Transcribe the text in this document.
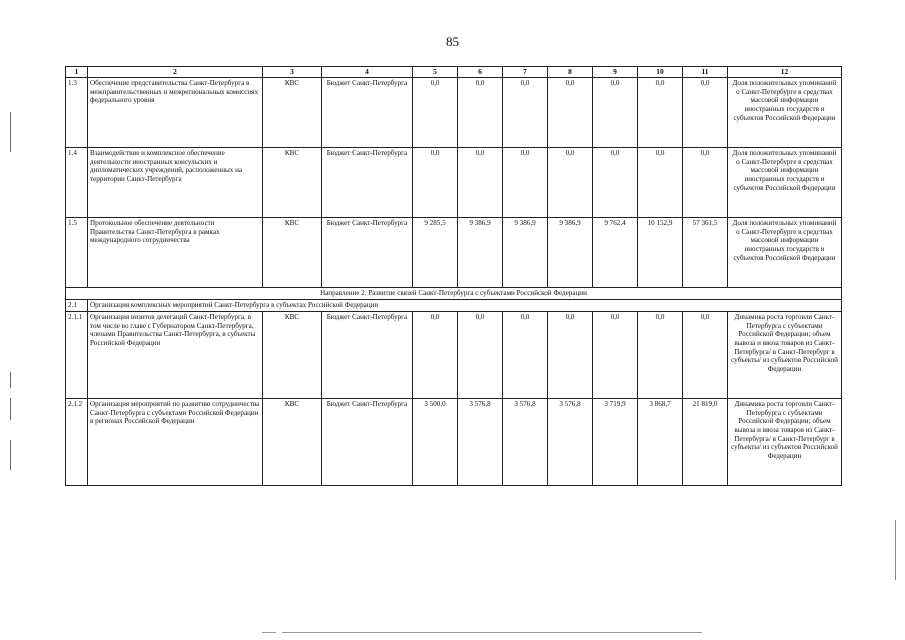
85
1	2	3	4	5	6	7	8	9	10	11	12
1.3	Обеспечение представительства Санкт-Петербурга в межправительственных и межрегиональных комиссиях федерального уровня	КВС	Бюджет Санкт-Петербурга	0,0	0,0	0,0	0,0	0,0	0,0	0,0	Доля положительных упоминаний о Санкт-Петербурге в средствах массовой информации иностранных государств и субъектов Российской Федерации
1.4	Взаимодействие и комплексное обеспечение деятельности иностранных консульских и дипломатических учреждений, расположенных на территории Санкт-Петербурга	КВС	Бюджет Санкт-Петербурга	0,0	0,0	0,0	0,0	0,0	0,0	0,0	Доля положительных упоминаний о Санкт-Петербурге в средствах массовой информации иностранных государств и субъектов Российской Федерации
1.5	Протокольное обеспечение деятельности Правительства Санкт-Петербурга в рамках международного сотрудничества	КВС	Бюджет Санкт-Петербурга	9 285,5	9 386,9	9 386,9	9 386,9	9 762,4	10 152,9	57 361,5	Доля положительных упоминаний о Санкт-Петербурге в средствах массовой информации иностранных государств и субъектов Российской Федерации
Направление 2. Развитие связей Санкт-Петербурга с субъектами Российской Федерации											
2.1	Организация комплексных мероприятий Санкт-Петербурга в субъектах Российской Федерации										
2.1.1	Организация визитов делегаций Санкт-Петербурга, в том числе во главе с Губернатором Санкт-Петербурга, членами Правительства Санкт-Петербурга, в субъекты Российской Федерации	КВС	Бюджет Санкт-Петербурга	0,0	0,0	0,0	0,0	0,0	0,0	0,0	Динамика роста торговли Санкт-Петербурга с субъектами Российской Федерации; объем вывоза и ввоза товаров из Санкт-Петербурга/ в Санкт-Петербург в субъекты/ из субъектов Российской Федерации
2.1.2	Организация мероприятий по развитию сотрудничества Санкт-Петербурга с субъектами Российской Федерации в регионах Российской Федерации	КВС	Бюджет Санкт-Петербурга	3 500,0	3 576,8	3 576,8	3 576,8	3 719,9	3 868,7	21 819,0	Динамика роста торговли Санкт-Петербурга с субъектами Российской Федерации; объем вывоза и ввоза товаров из Санкт-Петербурга/ в Санкт-Петербург в субъекты/ из субъектов Российской Федерации
